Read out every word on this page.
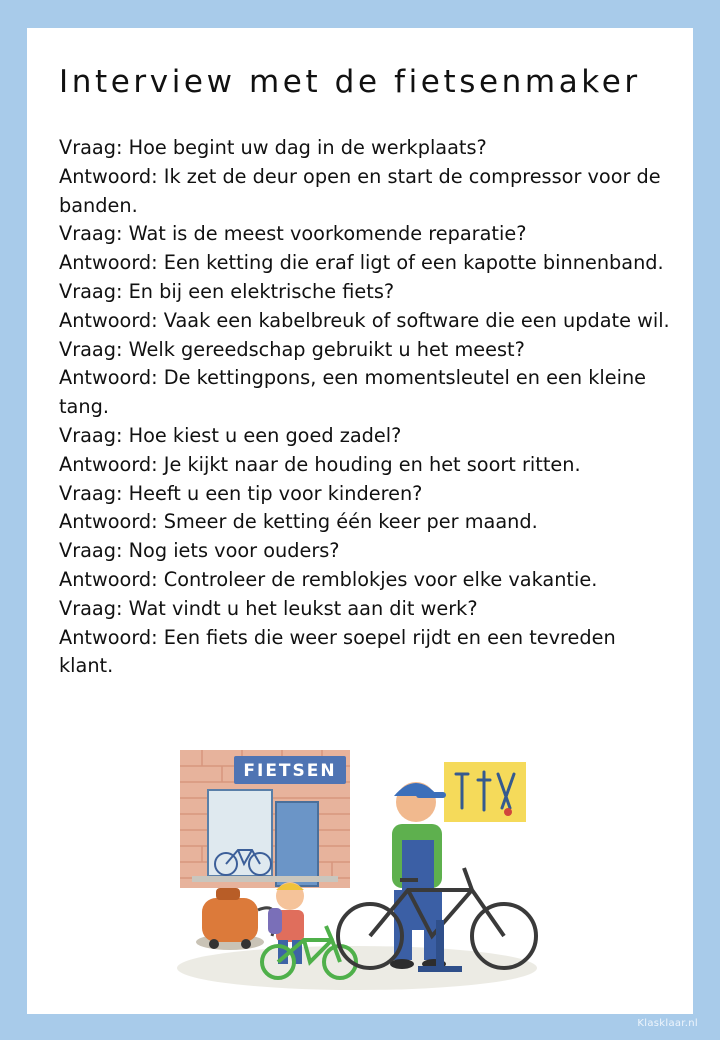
Interview met de fietsenmaker

Vraag: Hoe begint uw dag in de werkplaats?

Antwoord: Ik zet de deur open en start de compressor voor de banden.

Vraag: Wat is de meest voorkomende reparatie?

Antwoord: Een ketting die eraf ligt of een kapotte binnenband.

Vraag: En bij een elektrische fiets?

Antwoord: Vaak een kabelbreuk of software die een update wil.

Vraag: Welk gereedschap gebruikt u het meest?

Antwoord: De kettingpons, een momentsleutel en een kleine tang.

Vraag: Hoe kiest u een goed zadel?

Antwoord: Je kijkt naar de houding en het soort ritten.

Vraag: Heeft u een tip voor kinderen?

Antwoord: Smeer de ketting één keer per maand.

Vraag: Nog iets voor ouders?

Antwoord: Controleer de remblokjes voor elke vakantie.

Vraag: Wat vindt u het leukst aan dit werk?

Antwoord: Een fiets die weer soepel rijdt en een tevreden klant.

FIETSEN
Klasklaar.nl
